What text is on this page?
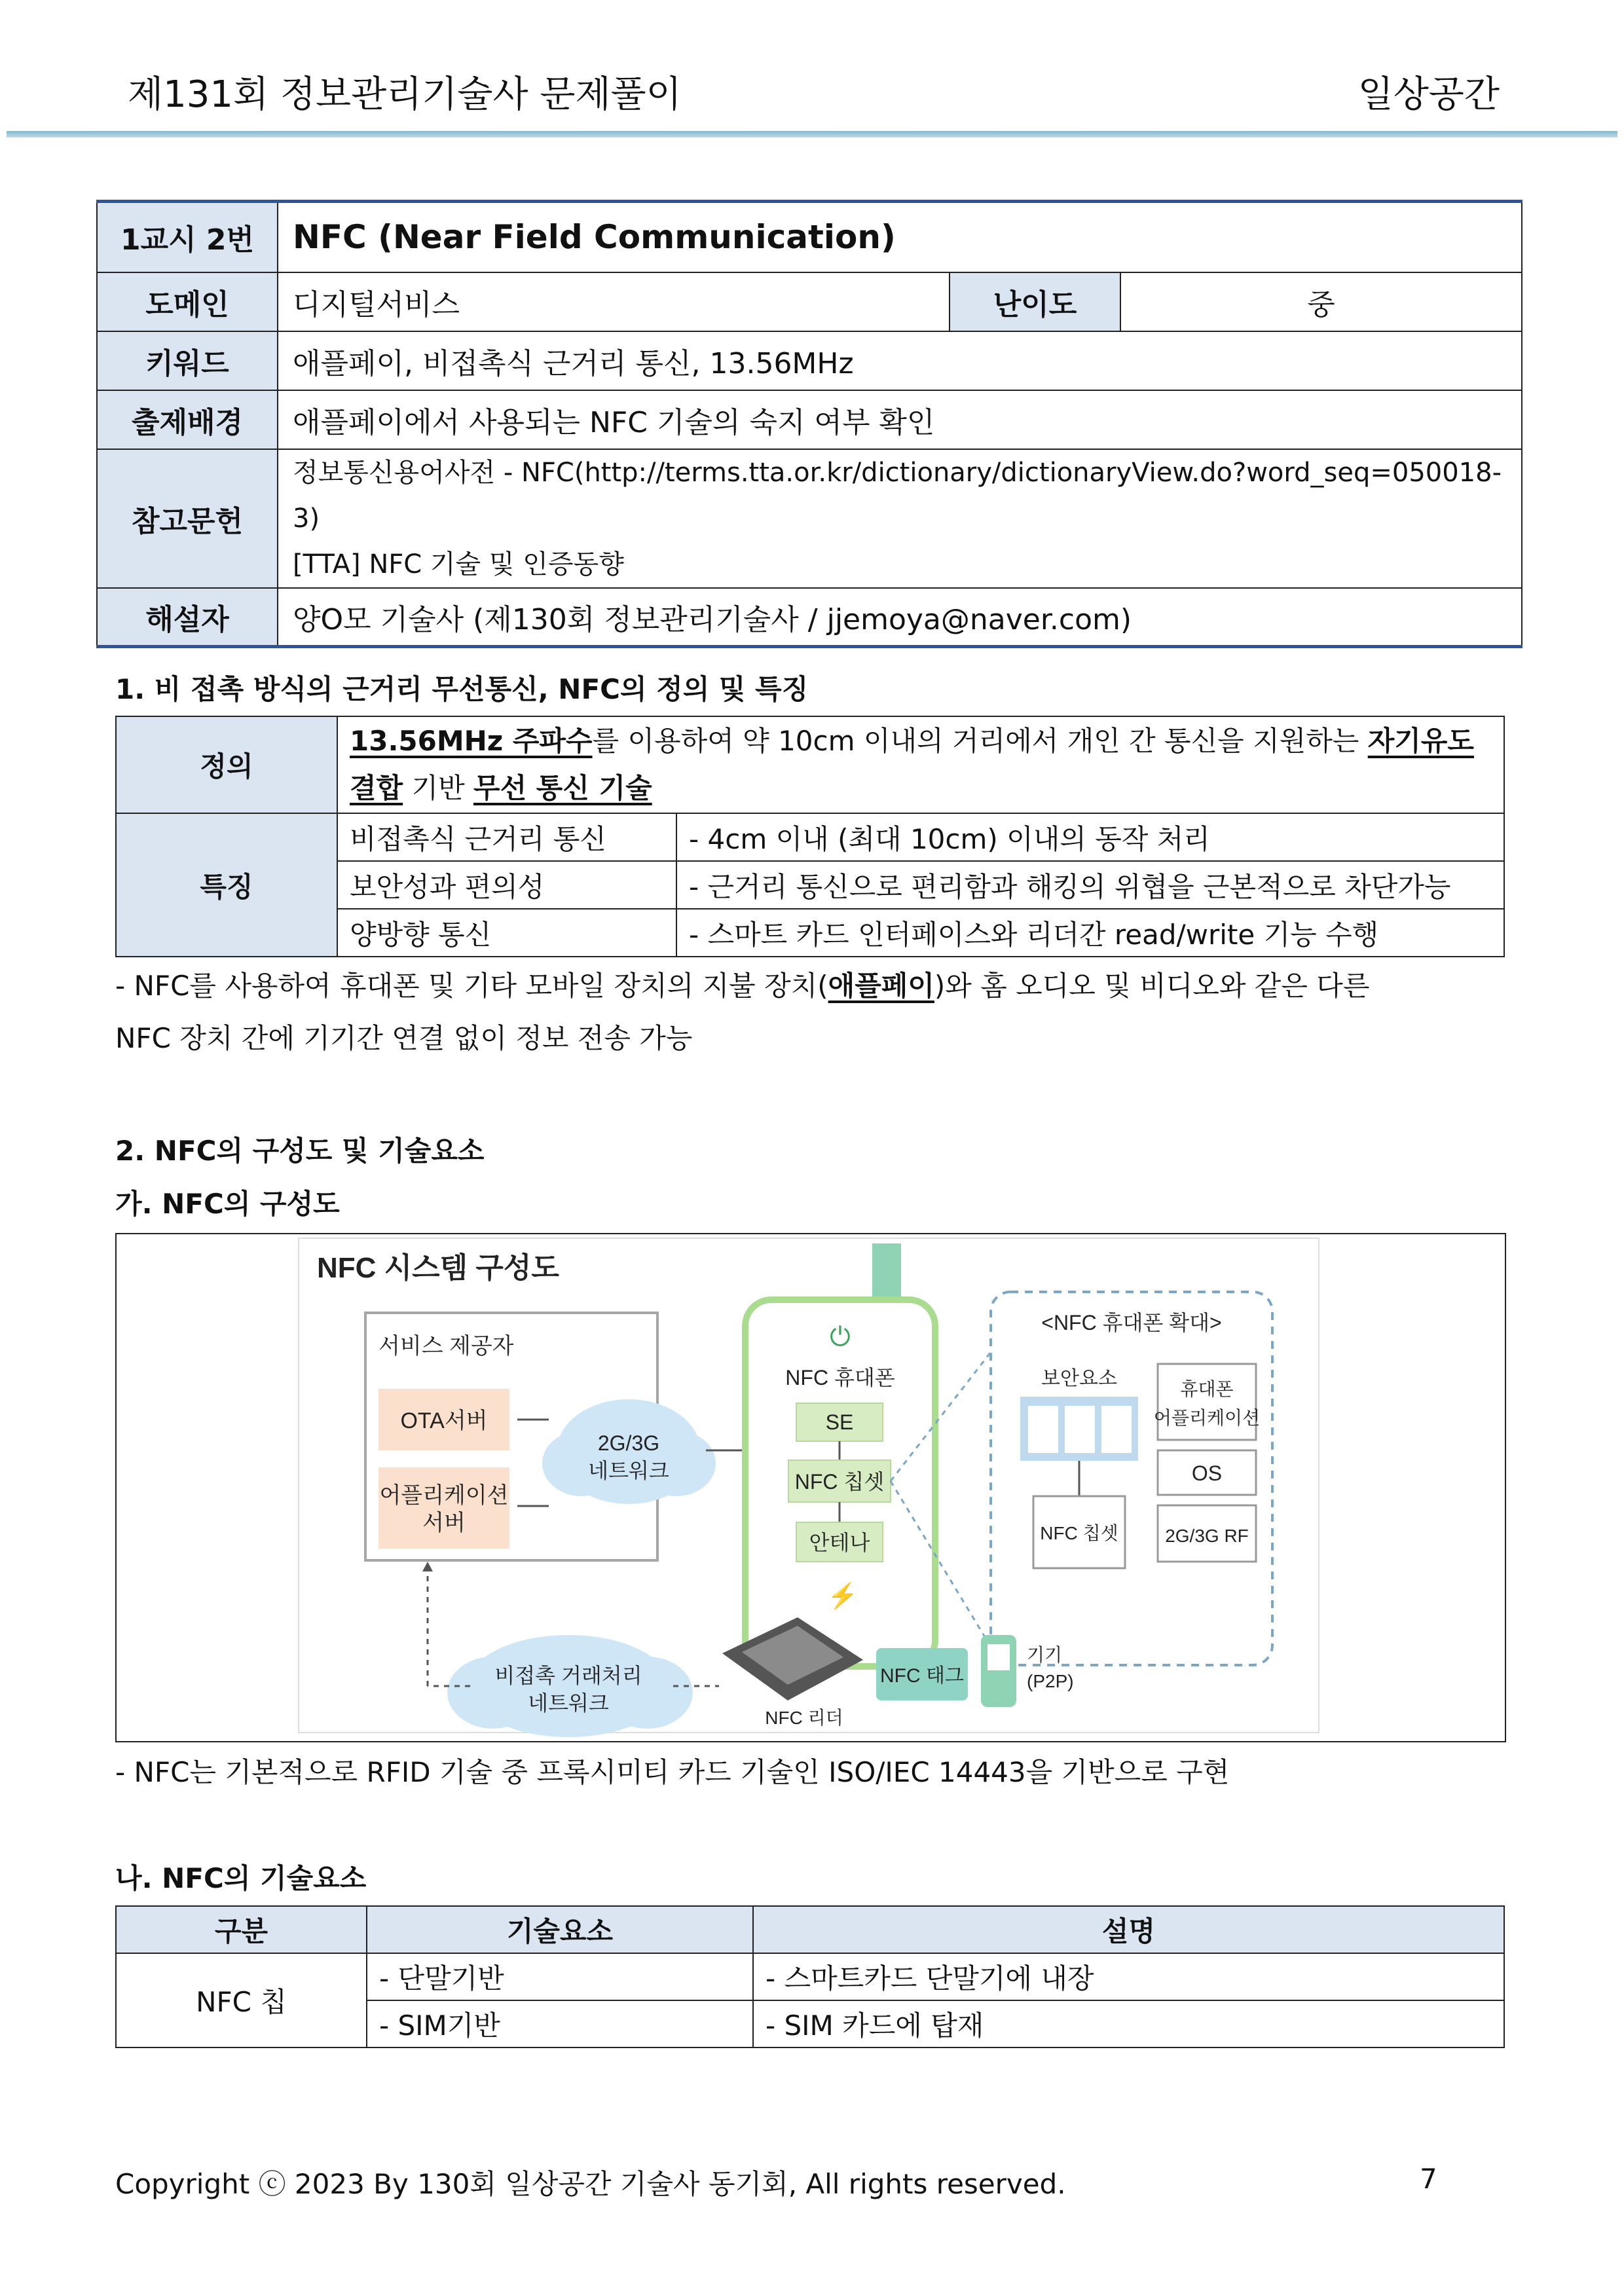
제131회 정보관리기술사 문제풀이	일상공간
1교시 2번	NFC (Near Field Communication)		
도메인	디지털서비스	난이도	중
키워드	애플페이, 비접촉식 근거리 통신, 13.56MHz		
출제배경	애플페이에서 사용되는 NFC 기술의 숙지 여부 확인		
참고문헌	정보통신용어사전 - NFC(http://terms.tta.or.kr/dictionary/dictionaryView.do?word_seq=050018-3)
[TTA] NFC 기술 및 인증동향		

해설자	양O모 기술사 (제130회 정보관리기술사 / jjemoya@naver.com)		
1. 비 접촉 방식의 근거리 무선통신, NFC의 정의 및 특징
정의	13.56MHz 주파수를 이용하여 약 10cm 이내의 거리에서 개인 간 통신을 지원하는 자기유도 결합 기반 무선 통신 기술	
특징	비접촉식 근거리 통신	- 4cm 이내 (최대 10cm) 이내의 동작 처리
	보안성과 편의성	- 근거리 통신으로 편리함과 해킹의 위협을 근본적으로 차단가능
	양방향 통신	- 스마트 카드 인터페이스와 리더간 read/write 기능 수행
- NFC를 사용하여 휴대폰 및 기타 모바일 장치의 지불 장치(애플페이)와 홈 오디오 및 비디오와 같은 다른
NFC 장치 간에 기기간 연결 없이 정보 전송 가능
2. NFC의 구성도 및 기술요소
가. NFC의 구성도
NFC 시스템 구성도
서비스 제공자
OTA서버
어플리케이션
서버
2G/3G
네트워크
⏻
NFC 휴대폰
SE
NFC 칩셋
안테나
<NFC 휴대폰 확대>
보안요소
NFC 칩셋
휴대폰
어플리케이션
OS
2G/3G RF
비접촉 거래처리
네트워크
NFC 리더
⚡
NFC 태그
기기
(P2P)
- NFC는 기본적으로 RFID 기술 중 프록시미티 카드 기술인 ISO/IEC 14443을 기반으로 구현
나. NFC의 기술요소
구분	기술요소	설명
NFC 칩	- 단말기반	- 스마트카드 단말기에 내장
	- SIM기반	- SIM 카드에 탑재
Copyright ⓒ 2023 By 130회 일상공간 기술사 동기회, All rights reserved.	7
